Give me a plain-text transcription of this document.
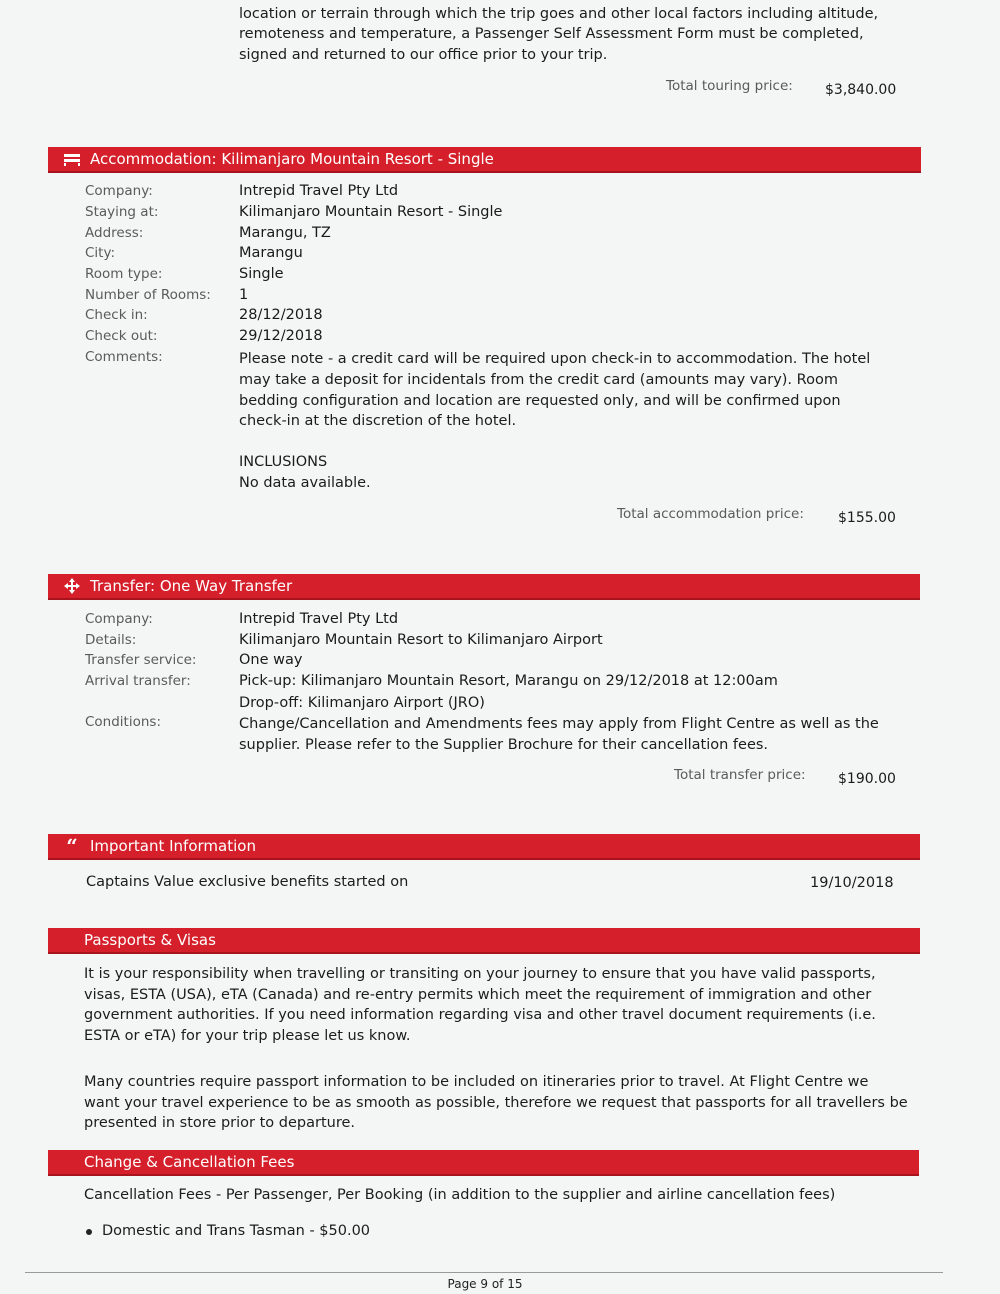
location or terrain through which the trip goes and other local factors including altitude,

remoteness and temperature, a Passenger Self Assessment Form must be completed,

signed and returned to our office prior to your trip.

Total touring price: $3,840.00
Accommodation: Kilimanjaro Mountain Resort - Single
Company:	Intrepid Travel Pty Ltd
Staying at:	Kilimanjaro Mountain Resort - Single
Address:	Marangu, TZ
City:	Marangu
Room type:	Single
Number of Rooms: 1
Check in:	28/12/2018
Check out:	29/12/2018
Comments:	Please note - a credit card will be required upon check-in to accommodation. The hotel

may take a deposit for incidentals from the credit card (amounts may vary). Room

bedding configuration and location are requested only, and will be confirmed upon

check-in at the discretion of the hotel.

INCLUSIONS

No data available.

Total accommodation price: $155.00
Transfer: One Way Transfer
Company:	Intrepid Travel Pty Ltd
Details:	Kilimanjaro Mountain Resort to Kilimanjaro Airport
Transfer service:	One way
Arrival transfer:	Pick-up: Kilimanjaro Mountain Resort, Marangu on 29/12/2018 at 12:00am

Drop-off: Kilimanjaro Airport (JRO)

Conditions:	Change/Cancellation and Amendments fees may apply from Flight Centre as well as the

supplier. Please refer to the Supplier Brochure for their cancellation fees.

Total transfer price: $190.00
“ Important Information

Captains Value exclusive benefits started on	19/10/2018

Passports & Visas

It is your responsibility when travelling or transiting on your journey to ensure that you have valid passports,

visas, ESTA (USA), eTA (Canada) and re-entry permits which meet the requirement of immigration and other

government authorities. If you need information regarding visa and other travel document requirements (i.e.

ESTA or eTA) for your trip please let us know.

Many countries require passport information to be included on itineraries prior to travel. At Flight Centre we

want your travel experience to be as smooth as possible, therefore we request that passports for all travellers be

presented in store prior to departure.

Change & Cancellation Fees

Cancellation Fees - Per Passenger, Per Booking (in addition to the supplier and airline cancellation fees)

Domestic and Trans Tasman - $50.00

Page 9 of 15
